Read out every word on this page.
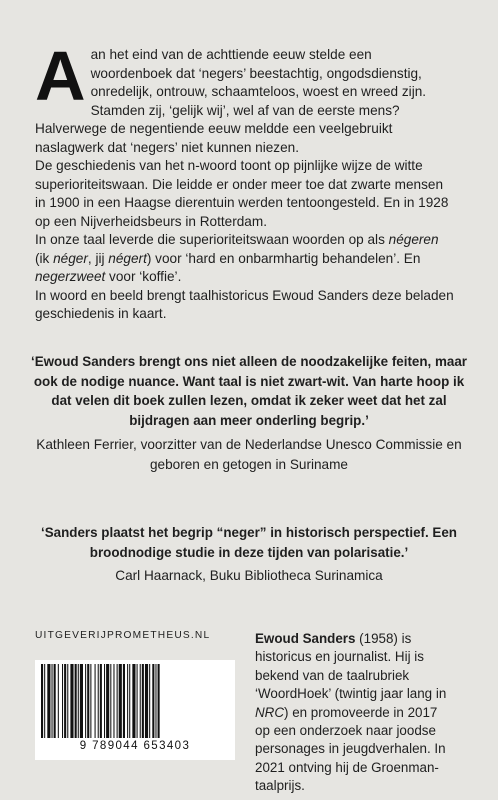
A an het eind van de achttiende eeuw stelde een woordenboek dat ‘negers’ beestachtig, ongodsdienstig, onredelijk, ontrouw, schaamteloos, woest en wreed zijn. Stamden zij, ‘gelijk wij’, wel af van de eerste mens? Halverwege de negentiende eeuw meldde een veelgebruikt naslagwerk dat ‘negers’ niet kunnen niezen.

De geschiedenis van het n-woord toont op pijnlijke wijze de witte superioriteitswaan. Die leidde er onder meer toe dat zwarte mensen in 1900 in een Haagse dierentuin werden tentoongesteld. En in 1928 op een Nijverheidsbeurs in Rotterdam.

In onze taal leverde die superioriteitswaan woorden op als négeren (ik néger, jij négert) voor ‘hard en onbarmhartig behandelen’. En negerzweet voor ‘koffie’.

In woord en beeld brengt taalhistoricus Ewoud Sanders deze beladen geschiedenis in kaart.

‘Ewoud Sanders brengt ons niet alleen de noodzakelijke feiten, maar ook de nodige nuance. Want taal is niet zwart-wit. Van harte hoop ik dat velen dit boek zullen lezen, omdat ik zeker weet dat het zal bijdragen aan meer onderling begrip.’
Kathleen Ferrier, voorzitter van de Nederlandse Unesco Commissie en geboren en getogen in Suriname
‘Sanders plaatst het begrip “neger” in historisch perspectief. Een broodnodige studie in deze tijden van polarisatie.’
Carl Haarnack, Buku Bibliotheca Surinamica
UITGEVERIJPROMETHEUS.NL
9 789044 653403
Ewoud Sanders (1958) is historicus en journalist. Hij is bekend van de taalrubriek ‘WoordHoek’ (twintig jaar lang in NRC) en promoveerde in 2017 op een onderzoek naar joodse personages in jeugdverhalen. In 2021 ontving hij de Groenman-taalprijs.
